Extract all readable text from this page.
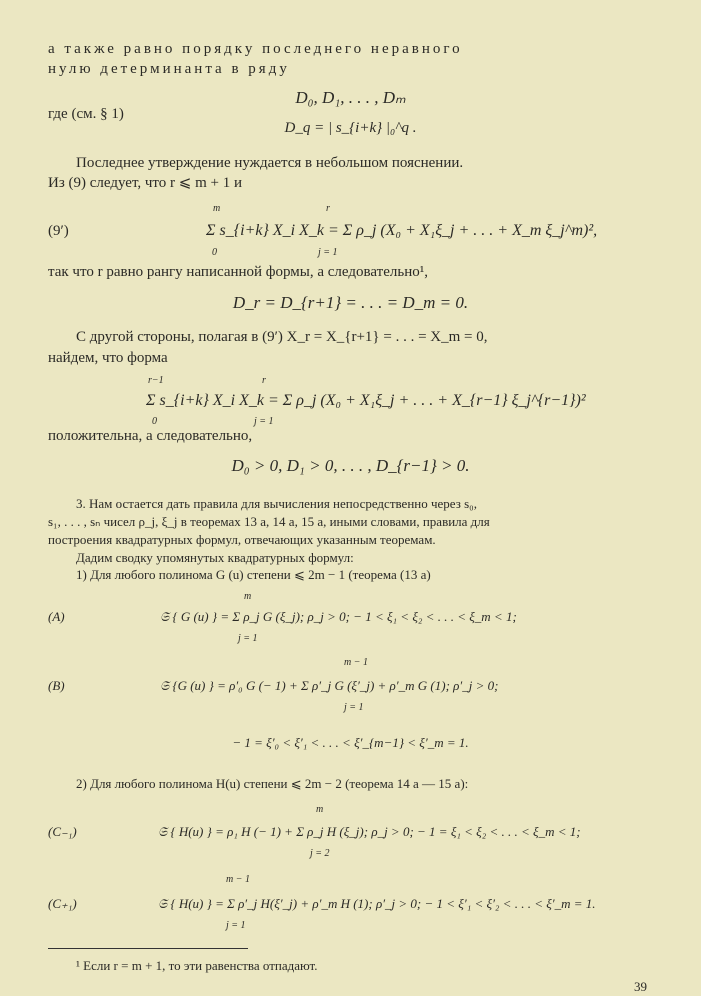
а также равно порядку последнего неравного
нулю детерминанта в ряду
D₀, D₁, . . . , Dₘ
где (см. § 1)
D_q = | s_{i+k} |₀^q .
Последнее утверждение нуждается в небольшом пояснении.
Из (9) следует, что r ⩽ m + 1 и
m	r
(9′)	Σ s_{i+k} X_i X_k = Σ ρ_j (X₀ + X₁ξ_j + . . . + X_m ξ_j^m)²,
0	j = 1
так что r равно рангу написанной формы, а следовательно¹,
D_r = D_{r+1} = . . . = D_m = 0.
С другой стороны, полагая в (9′) X_r = X_{r+1} = . . . = X_m = 0,
найдем, что форма
r−1	r
Σ s_{i+k} X_i X_k = Σ ρ_j (X₀ + X₁ξ_j + . . . + X_{r−1} ξ_j^{r−1})²
0	j = 1
положительна, а следовательно,
D₀ > 0, D₁ > 0, . . . , D_{r−1} > 0.
3. Нам остается дать правила для вычисления непосредственно через s₀,
s₁, . . . , sₙ чисел ρ_j, ξ_j в теоремах 13 а, 14 а, 15 а, иными словами, правила для
построения квадратурных формул, отвечающих указанным теоремам.
Дадим сводку упомянутых квадратурных формул:
1) Для любого полинома G (u) степени ⩽ 2m − 1 (теорема (13 а)
m
(A)	𝔖 { G (u) } = Σ ρ_j G (ξ_j); ρ_j > 0; − 1 < ξ₁ < ξ₂ < . . . < ξ_m < 1;
j = 1
m − 1
(B)	𝔖 {G (u) } = ρ′₀ G (− 1) + Σ ρ′_j G (ξ′_j) + ρ′_m G (1); ρ′_j > 0;
j = 1
− 1 = ξ′₀ < ξ′₁ < . . . < ξ′_{m−1} < ξ′_m = 1.
2) Для любого полинома H(u) степени ⩽ 2m − 2 (теорема 14 а — 15 а):
m
(C₋₁)	𝔖 { H(u) } = ρ₁ H (− 1) + Σ ρ_j H (ξ_j); ρ_j > 0; − 1 = ξ₁ < ξ₂ < . . . < ξ_m < 1;
j = 2
m − 1
(C₊₁)	𝔖 { H(u) } = Σ ρ′_j H(ξ′_j) + ρ′_m H (1); ρ′_j > 0; − 1 < ξ′₁ < ξ′₂ < . . . < ξ′_m = 1.
j = 1
¹ Если r = m + 1, то эти равенства отпадают.
39
